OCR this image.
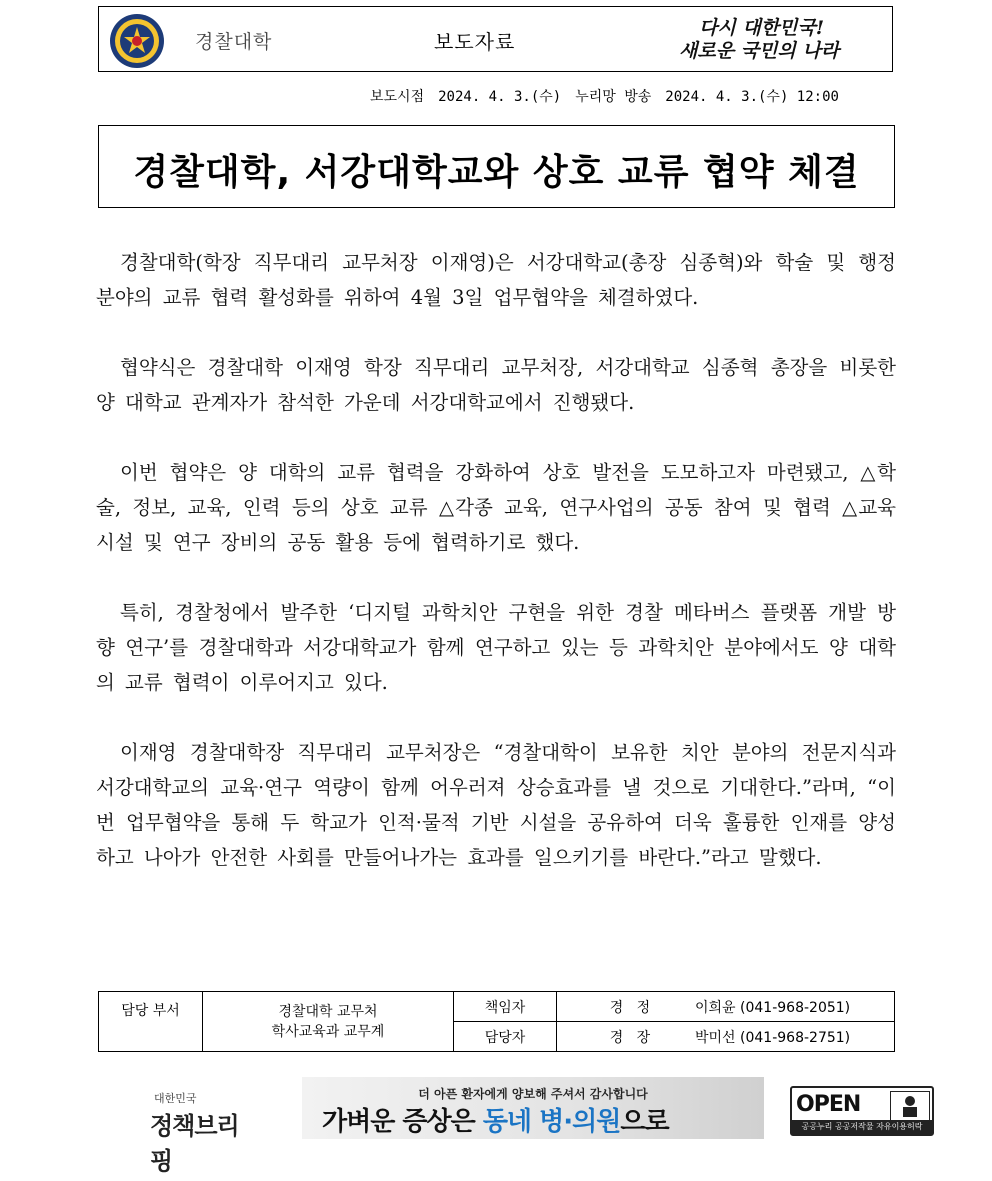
경찰대학	보도자료
다시 대한민국!
새로운 국민의 나라
보도시점 2024. 4. 3.(수) 누리망 방송 2024. 4. 3.(수) 12:00
경찰대학, 서강대학교와 상호 교류 협약 체결

경찰대학(학장 직무대리 교무처장 이재영)은 서강대학교(총장 심종혁)와 학술 및 행정 분야의 교류 협력 활성화를 위하여 4월 3일 업무협약을 체결하였다.

협약식은 경찰대학 이재영 학장 직무대리 교무처장, 서강대학교 심종혁 총장을 비롯한 양 대학교 관계자가 참석한 가운데 서강대학교에서 진행됐다.

이번 협약은 양 대학의 교류 협력을 강화하여 상호 발전을 도모하고자 마련됐고, △학술, 정보, 교육, 인력 등의 상호 교류 △각종 교육, 연구사업의 공동 참여 및 협력 △교육 시설 및 연구 장비의 공동 활용 등에 협력하기로 했다.

특히, 경찰청에서 발주한 ‘디지털 과학치안 구현을 위한 경찰 메타버스 플랫폼 개발 방향 연구’를 경찰대학과 서강대학교가 함께 연구하고 있는 등 과학치안 분야에서도 양 대학의 교류 협력이 이루어지고 있다.

이재영 경찰대학장 직무대리 교무처장은 “경찰대학이 보유한 치안 분야의 전문지식과 서강대학교의 교육·연구 역량이 함께 어우러져 상승효과를 낼 것으로 기대한다.”라며, “이번 업무협약을 통해 두 학교가 인적·물적 기반 시설을 공유하여 더욱 훌륭한 인재를 양성하고 나아가 안전한 사회를 만들어나가는 효과를 일으키기를 바란다.”라고 말했다.

담당 부서	경찰대학 교무처
학사교육과 교무계	책임자	경   정 이희윤 (041-968-2051)
		담당자	경   장 박미선 (041-968-2751)
대한민국
정책브리핑
더 아픈 환자에게 양보해 주셔서 감사합니다
가벼운 증상은 동네 병·의원으로
OPEN
공공누리 공공저작물 자유이용허락
